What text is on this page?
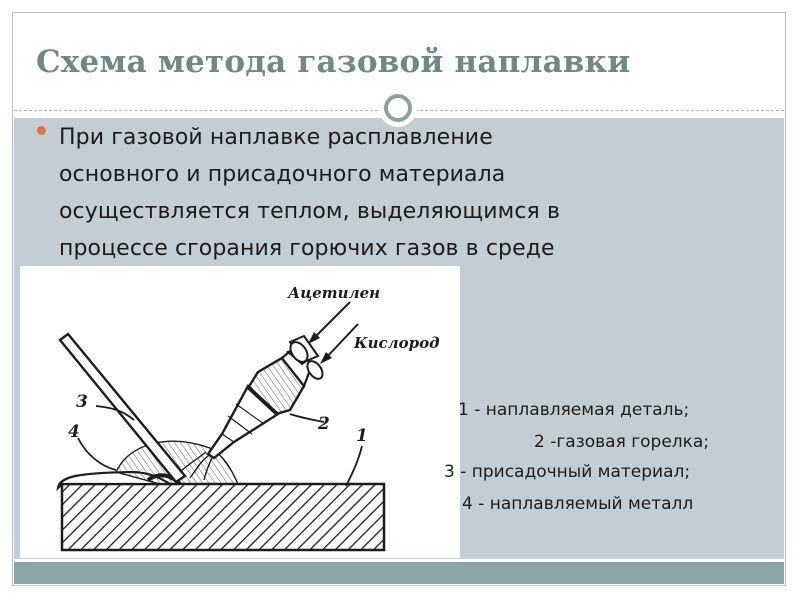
Схема метода газовой наплавки
При газовой наплавке расплавление
основного и присадочного материала
осуществляется теплом, выделяющимся в
процессе сгорания горючих газов в среде
Ацетилен
Кислород
1
2
3
4
1 - наплавляемая деталь;
2 -газовая горелка;
3 - присадочный материал;
4 - наплавляемый металл
